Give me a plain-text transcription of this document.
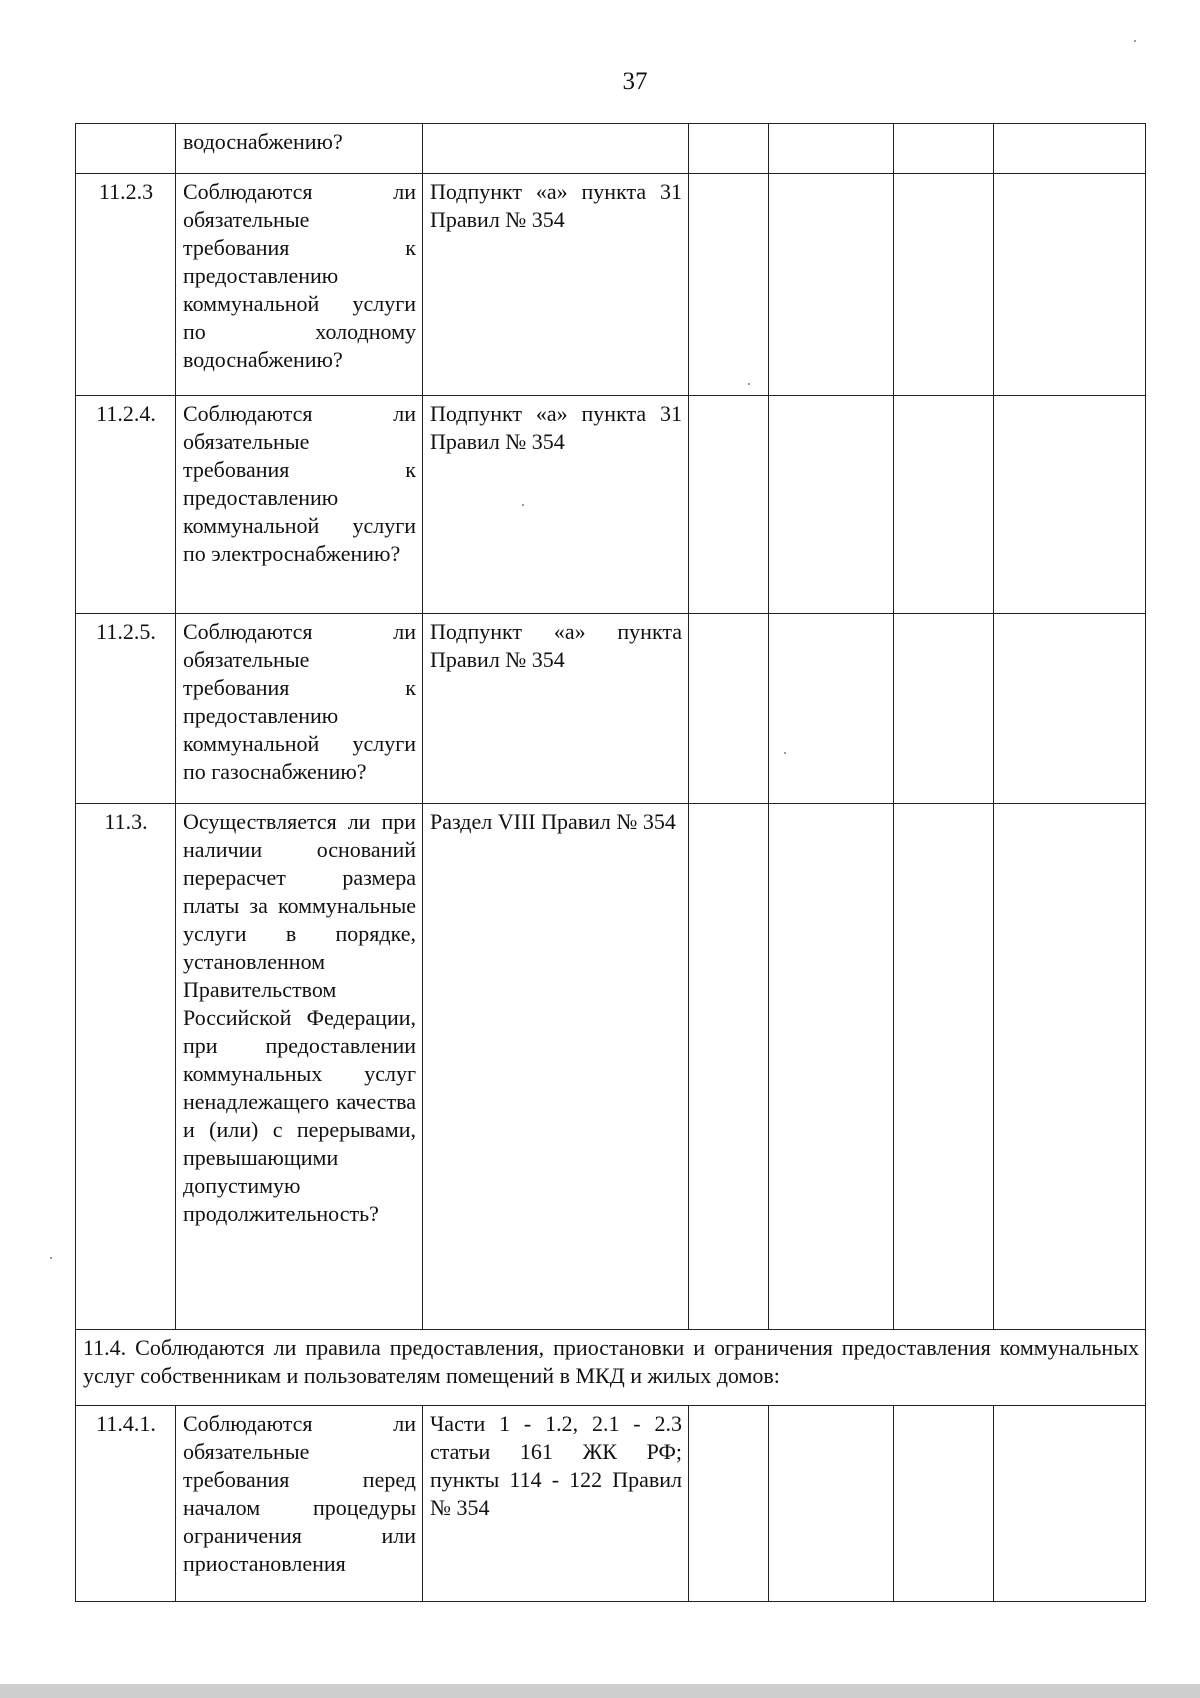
37
	водоснабжению?					
11.2.3	Соблюдаются ли обязательные требования к предоставлению коммунальной услуги по холодному водоснабжению?	Подпункт «а» пункта 31 Правил № 354				
11.2.4.	Соблюдаются ли обязательные требования к предоставлению коммунальной услуги по электроснабжению?	Подпункт «а» пункта 31 Правил № 354				
11.2.5.	Соблюдаются ли обязательные требования к предоставлению коммунальной услуги по газоснабжению?	Подпункт «а» пункта Правил № 354				
11.3.	Осуществляется ли при наличии оснований перерасчет размера платы за коммунальные услуги в порядке, установленном Правительством Российской Федерации, при предоставлении коммунальных услуг ненадлежащего качества и (или) с перерывами, превышающими допустимую продолжительность?	Раздел VIII Правил № 354				
11.4. Соблюдаются ли правила предоставления, приостановки и ограничения предоставления коммунальных услуг собственникам и пользователям помещений в МКД и жилых домов:						
11.4.1.	Соблюдаются ли обязательные требования перед началом процедуры ограничения или приостановления	Части 1 - 1.2, 2.1 - 2.3 статьи 161 ЖК РФ; пункты 114 - 122 Правил № 354				
